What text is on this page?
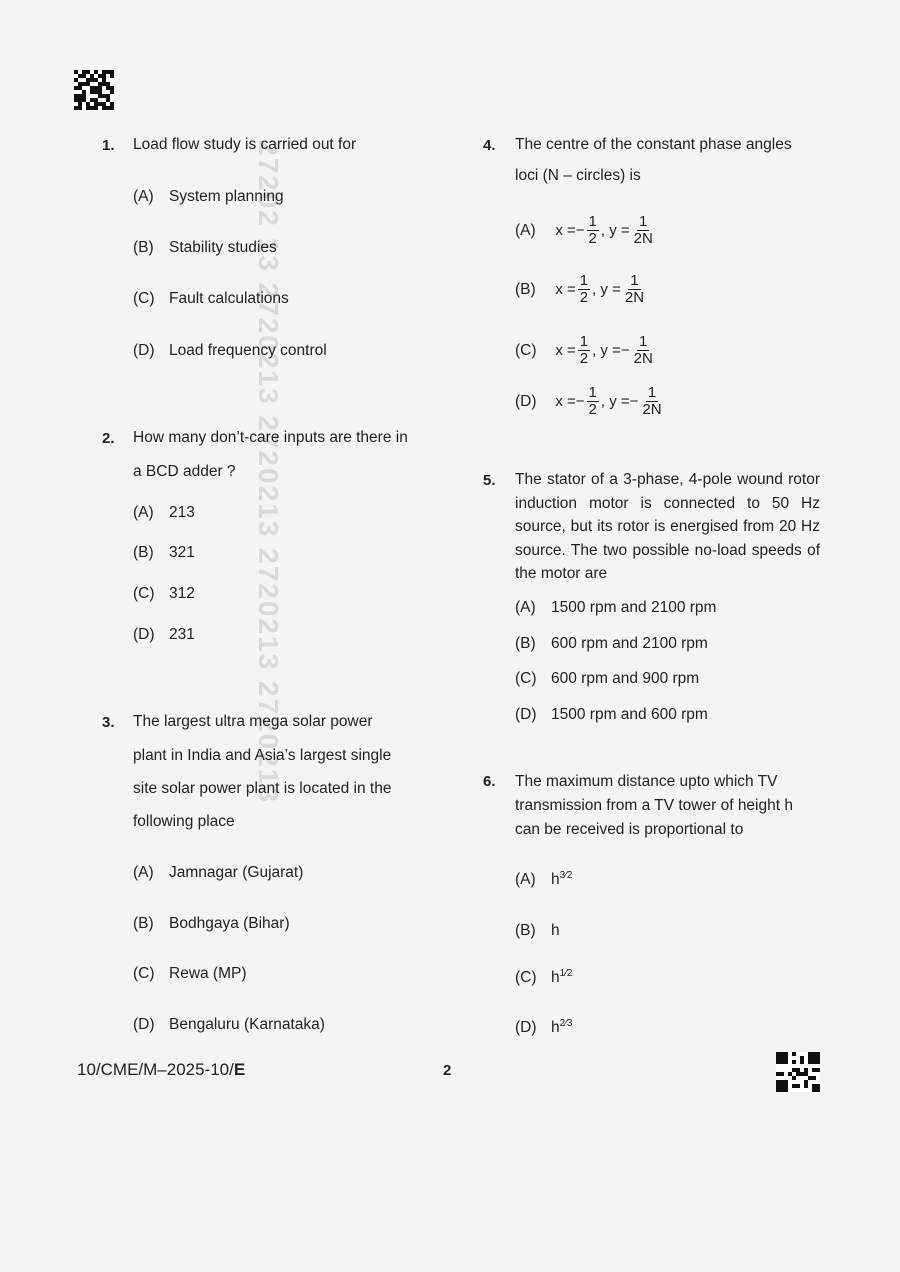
27202 13 2720213 2720213 2720213 2720213
1. Load flow study is carried out for
(A) System planning
(B) Stability studies
(C) Fault calculations
(D) Load frequency control
2. How many don’t-care inputs are there in
a BCD adder ?
(A) 213
(B) 321
(C) 312
(D) 231
3. The largest ultra mega solar power
plant in India and Asia’s largest single
site solar power plant is located in the
following place
(A) Jamnagar (Gujarat)
(B) Bodhgaya (Bihar)
(C) Rewa (MP)
(D) Bengaluru (Karnataka)
4. The centre of the constant phase angles
loci (N – circles) is
(A) x = − $\frac{1}{2}$ , $y = \frac{1}{2N}$
(B) $x = \frac{1}{2}$ , $y = \frac{1}{2N}$
(C) $x = \frac{1}{2}$ , y = − $\frac{1}{2N}$
(D) x = − $\frac{1}{2}$ , y = − $\frac{1}{2N}$
5. The stator of a 3-phase, 4-pole wound rotor induction motor is connected to 50 Hz source, but its rotor is energised from 20 Hz source. The two possible no-load speeds of the motor are
(A) 1500 rpm and 2100 rpm
(B) 600 rpm and 2100 rpm
(C) 600 rpm and 900 rpm
(D) 1500 rpm and 600 rpm
6. The maximum distance upto which TV transmission from a TV tower of height h can be received is proportional to
(A) $h^{3⁄2}$
(B) h
(C) $h^{1⁄2}$
(D) $h^{2⁄3}$
10/CME/M–2025-10/E	2
